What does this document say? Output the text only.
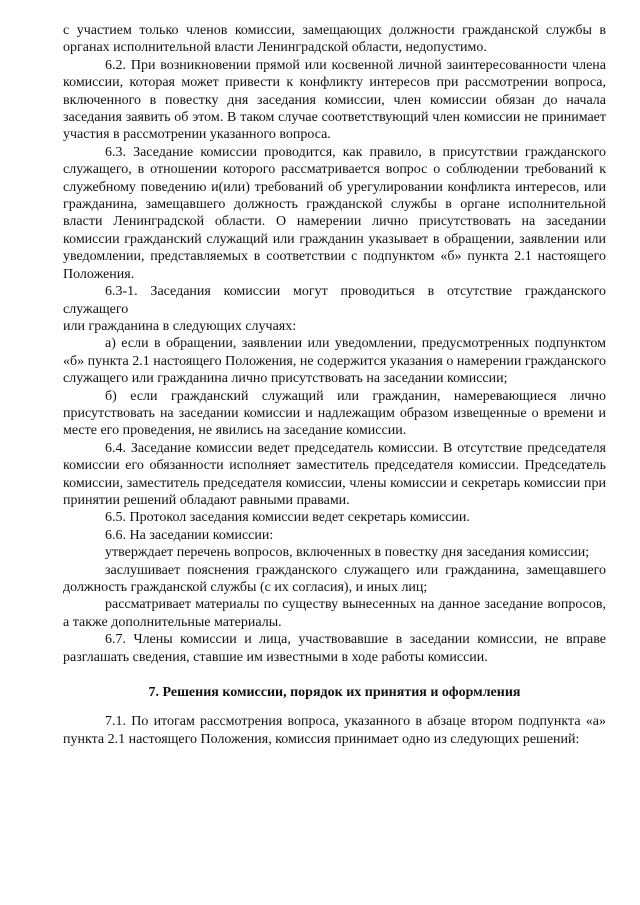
с участием только членов комиссии, замещающих должности гражданской службы в органах исполнительной власти Ленинградской области, недопустимо.

6.2. При возникновении прямой или косвенной личной заинтересованности члена комиссии, которая может привести к конфликту интересов при рассмотрении вопроса, включенного в повестку дня заседания комиссии, член комиссии обязан до начала заседания заявить об этом. В таком случае соответствующий член комиссии не принимает участия в рассмотрении указанного вопроса.

6.3. Заседание комиссии проводится, как правило, в присутствии гражданского служащего, в отношении которого рассматривается вопрос о соблюдении требований к служебному поведению и(или) требований об урегулировании конфликта интересов, или гражданина, замещавшего должность гражданской службы в органе исполнительной власти Ленинградской области. О намерении лично присутствовать на заседании комиссии гражданский служащий или гражданин указывает в обращении, заявлении или уведомлении, представляемых в соответствии с подпунктом «б» пункта 2.1 настоящего Положения.

6.3-1. Заседания комиссии могут проводиться в отсутствие гражданского служащего

или гражданина в следующих случаях:

а) если в обращении, заявлении или уведомлении, предусмотренных подпунктом «б» пункта 2.1 настоящего Положения, не содержится указания о намерении гражданского служащего или гражданина лично присутствовать на заседании комиссии;

б) если гражданский служащий или гражданин, намеревающиеся лично присутствовать на заседании комиссии и надлежащим образом извещенные о времени и месте его проведения, не явились на заседание комиссии.

6.4. Заседание комиссии ведет председатель комиссии. В отсутствие председателя комиссии его обязанности исполняет заместитель председателя комиссии. Председатель комиссии, заместитель председателя комиссии, члены комиссии и секретарь комиссии при принятии решений обладают равными правами.

6.5. Протокол заседания комиссии ведет секретарь комиссии.

6.6. На заседании комиссии:

утверждает перечень вопросов, включенных в повестку дня заседания комиссии;

заслушивает пояснения гражданского служащего или гражданина, замещавшего должность гражданской службы (с их согласия), и иных лиц;

рассматривает материалы по существу вынесенных на данное заседание вопросов, а также дополнительные материалы.

6.7. Члены комиссии и лица, участвовавшие в заседании комиссии, не вправе разглашать сведения, ставшие им известными в ходе работы комиссии.

7. Решения комиссии, порядок их принятия и оформления

7.1. По итогам рассмотрения вопроса, указанного в абзаце втором подпункта «а» пункта 2.1 настоящего Положения, комиссия принимает одно из следующих решений:
